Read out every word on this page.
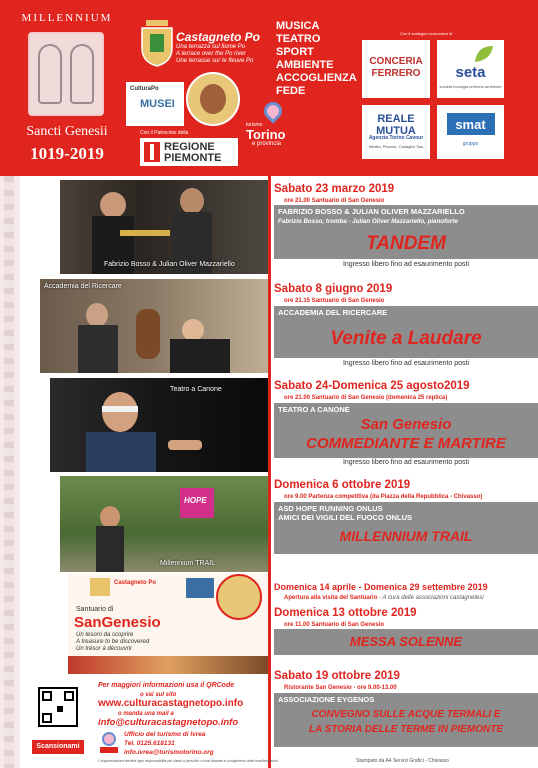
MILLENNIUM
Sancti Genesii
1019-2019
Castagneto Po
Una terrazza sul fiume Po
A terrace over the Po river
Une terrasse sur le fleuve Po
CulturaPo
MUSEI
Con il Patrocinio della
REGIONE
PIEMONTE
MUSICA
TEATRO
SPORT
AMBIENTE
ACCOGLIENZA
FEDE
turismo
Torino
e provincia
Con il sostegno economico di
CONCERIA FERRERO	seta
società ecologia territorio ambiente
REALE MUTUA
Agenzia Torino Cavour
Mirella, Piavaro, Cadaglini Sas
smat
gruppo
Fabrizio Bosso & Julian Oliver Mazzariello
Accademia del Ricercare
Teatro a Canone
HOPE
Millennium TRAIL
Castagneto Po
Santuario di
SanGenesio
Un tesoro da scoprire
A treasure to be discovered
Un trésor à découvrir
Sabato 23 marzo 2019
ore 21.00 Santuario di San Genesio
FABRIZIO BOSSO & JULIAN OLIVER MAZZARIELLO
Fabrizio Bosso, tromba - Julian Oliver Mazzariello, pianoforte
TANDEM
Ingresso libero fino ad esaurimento posti
Sabato 8 giugno 2019
ore 21.15 Santuario di San Genesio
ACCADEMIA DEL RICERCARE
Venite a Laudare
Ingresso libero fino ad esaurimento posti
Sabato 24-Domenica 25 agosto2019
ore 21.00 Santuario di San Genesio (domenica 25 replica)
TEATRO A CANONE
San Genesio
COMMEDIANTE E MARTIRE
Ingresso libero fino ad esaurimento posti
Domenica 6 ottobre 2019
ore 9.00 Partenza competitiva (da Piazza della Repubblica - Chivasso)
ASD HOPE RUNNING ONLUS
AMICI DEI VIGILI DEL FUOCO ONLUS
MILLENNIUM TRAIL
Domenica 14 aprile - Domenica 29 settembre 2019
Apertura alla visita del Santuario - A cura delle associazioni castagnetesi
Domenica 13 ottobre 2019
ore 11.00 Santuario di San Genesio
MESSA SOLENNE
Sabato 19 ottobre 2019
Ristorante San Genesio - ore 9.00-13.00
ASSOCIAZIONE EYGENOS
CONVEGNO SULLE ACQUE TERMALI E
LA STORIA DELLE TERME IN PIEMONTE
Scansionami
Per maggiori informazioni usa il QRCode
o vai sul sito
www.culturacastagnetopo.info
o manda una mail a
info@culturacastagnetopo.info
Ufficio del turismo di Ivrea
Tel. 0125.618131
info.ivrea@turismotorino.org
L'organizzazione declina ogni responsabilità per danni a persone o cose durante lo svolgimento delle manifestazioni	Stampato da A4 Servizi Grafici - Chivasso
